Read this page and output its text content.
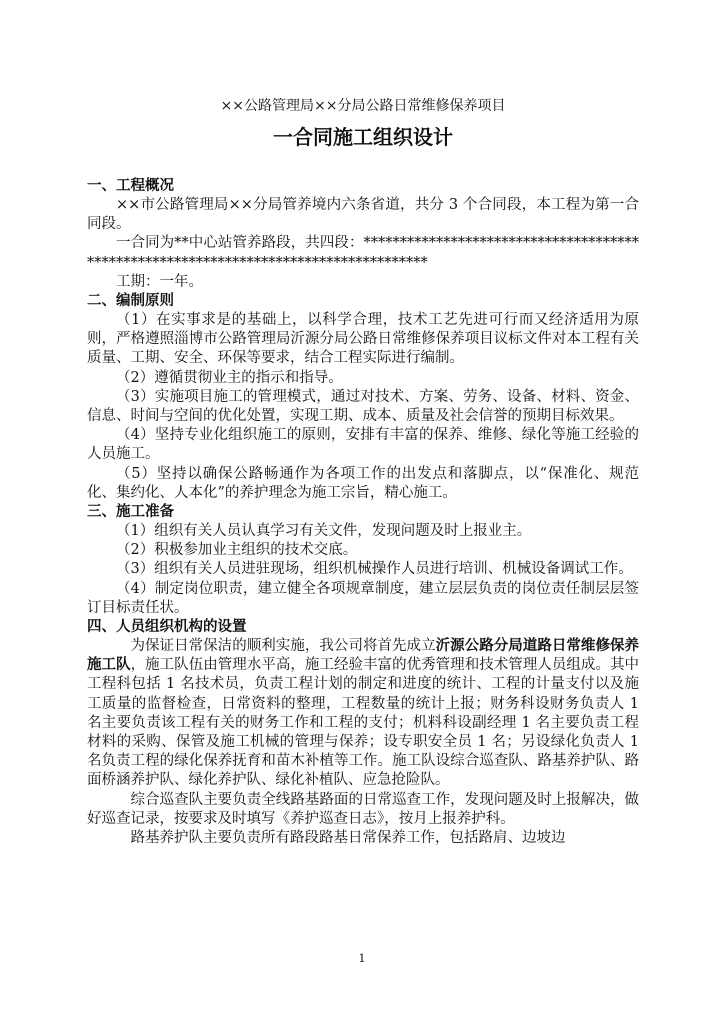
××公路管理局××分局公路日常维修保养项目

一合同施工组织设计

一、工程概况

××市公路管理局××分局管养境内六条省道，共分 3 个合同段，本工程为第一合同段。

一合同为**中心站管养路段，共四段：*************************************************************************************

工期：一年。

二、编制原则

（1）在实事求是的基础上，以科学合理，技术工艺先进可行而又经济适用为原则，严格遵照淄博市公路管理局沂源分局公路日常维修保养项目议标文件对本工程有关质量、工期、安全、环保等要求，结合工程实际进行编制。

（2）遵循贯彻业主的指示和指导。

（3）实施项目施工的管理模式，通过对技术、方案、劳务、设备、材料、资金、信息、时间与空间的优化处置，实现工期、成本、质量及社会信誉的预期目标效果。

（4）坚持专业化组织施工的原则，安排有丰富的保养、维修、绿化等施工经验的人员施工。

（5）坚持以确保公路畅通作为各项工作的出发点和落脚点，以“保准化、规范化、集约化、人本化”的养护理念为施工宗旨，精心施工。

三、施工准备

（1）组织有关人员认真学习有关文件，发现问题及时上报业主。

（2）积极参加业主组织的技术交底。

（3）组织有关人员进驻现场，组织机械操作人员进行培训、机械设备调试工作。

（4）制定岗位职责，建立健全各项规章制度，建立层层负责的岗位责任制层层签订目标责任状。

四、人员组织机构的设置

为保证日常保洁的顺利实施，我公司将首先成立沂源公路分局道路日常维修保养施工队，施工队伍由管理水平高，施工经验丰富的优秀管理和技术管理人员组成。其中工程科包括 1 名技术员，负责工程计划的制定和进度的统计、工程的计量支付以及施工质量的监督检查，日常资料的整理，工程数量的统计上报；财务科设财务负责人 1 名主要负责该工程有关的财务工作和工程的支付；机料科设副经理 1 名主要负责工程材料的采购、保管及施工机械的管理与保养；设专职安全员 1 名；另设绿化负责人 1 名负责工程的绿化保养抚育和苗木补植等工作。施工队设综合巡查队、路基养护队、路面桥涵养护队、绿化养护队、绿化补植队、应急抢险队。

综合巡查队主要负责全线路基路面的日常巡查工作，发现问题及时上报解决，做好巡查记录，按要求及时填写《养护巡查日志》，按月上报养护科。

路基养护队主要负责所有路段路基日常保养工作，包括路肩、边坡边

1
